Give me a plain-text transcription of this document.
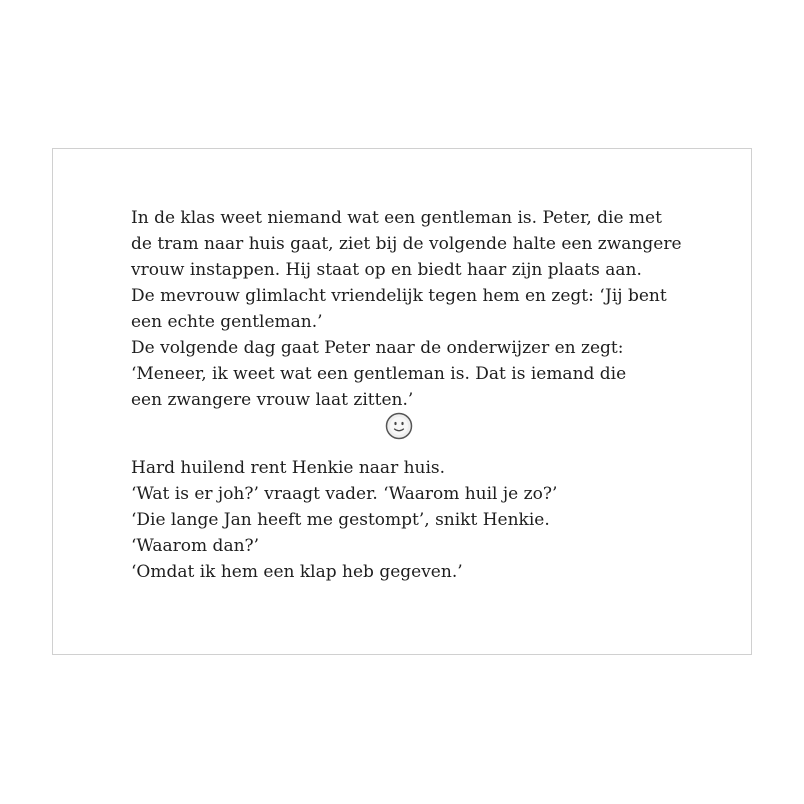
In de klas weet niemand wat een gentleman is. Peter, die met
de tram naar huis gaat, ziet bij de volgende halte een zwangere
vrouw instappen. Hij staat op en biedt haar zijn plaats aan.
De mevrouw glimlacht vriendelijk tegen hem en zegt: ‘Jij bent
een echte gentleman.’
De volgende dag gaat Peter naar de onderwijzer en zegt:
‘Meneer, ik weet wat een gentleman is. Dat is iemand die
een zwangere vrouw laat zitten.’
Hard huilend rent Henkie naar huis.
‘Wat is er joh?’ vraagt vader. ‘Waarom huil je zo?’
‘Die lange Jan heeft me gestompt’, snikt Henkie.
‘Waarom dan?’
‘Omdat ik hem een klap heb gegeven.’
